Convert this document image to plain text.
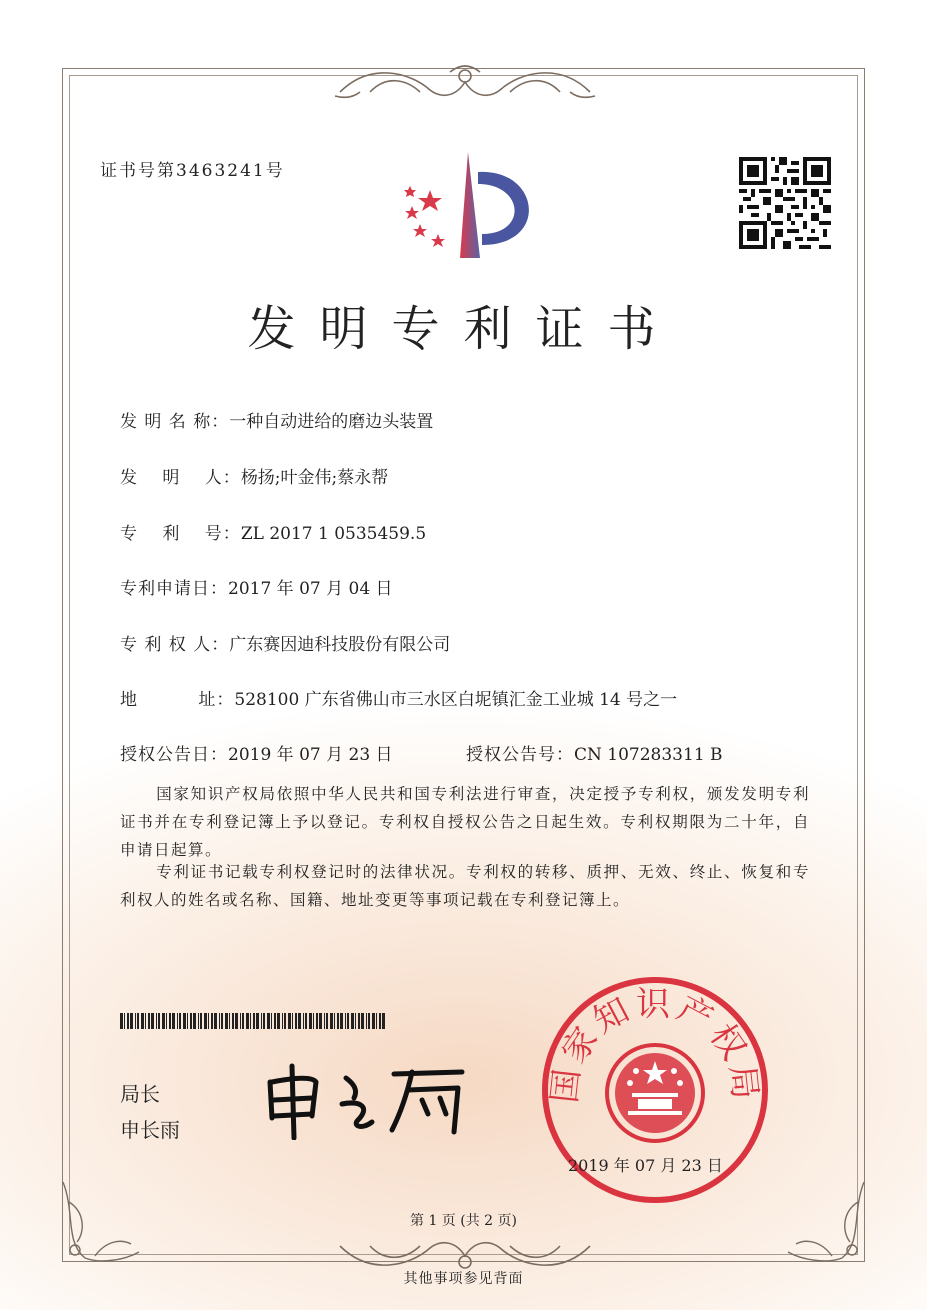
证书号第3463241号
发明专利证书
发 明 名 称：一种自动进给的磨边头装置
发　 明　 人：杨扬;叶金伟;蔡永帮
专　 利　 号：ZL 2017 1 0535459.5
专利申请日：2017 年 07 月 04 日
专 利 权 人：广东赛因迪科技股份有限公司
地　　　 址：528100 广东省佛山市三水区白坭镇汇金工业城 14 号之一
授权公告日：2019 年 07 月 23 日	授权公告号：CN 107283311 B
国家知识产权局依照中华人民共和国专利法进行审查，决定授予专利权，颁发发明专利证书并在专利登记簿上予以登记。专利权自授权公告之日起生效。专利权期限为二十年，自申请日起算。
专利证书记载专利权登记时的法律状况。专利权的转移、质押、无效、终止、恢复和专利权人的姓名或名称、国籍、地址变更等事项记载在专利登记簿上。
局长
申长雨
国家知识产权局
2019 年 07 月 23 日
第 1 页 (共 2 页)
其他事项参见背面
